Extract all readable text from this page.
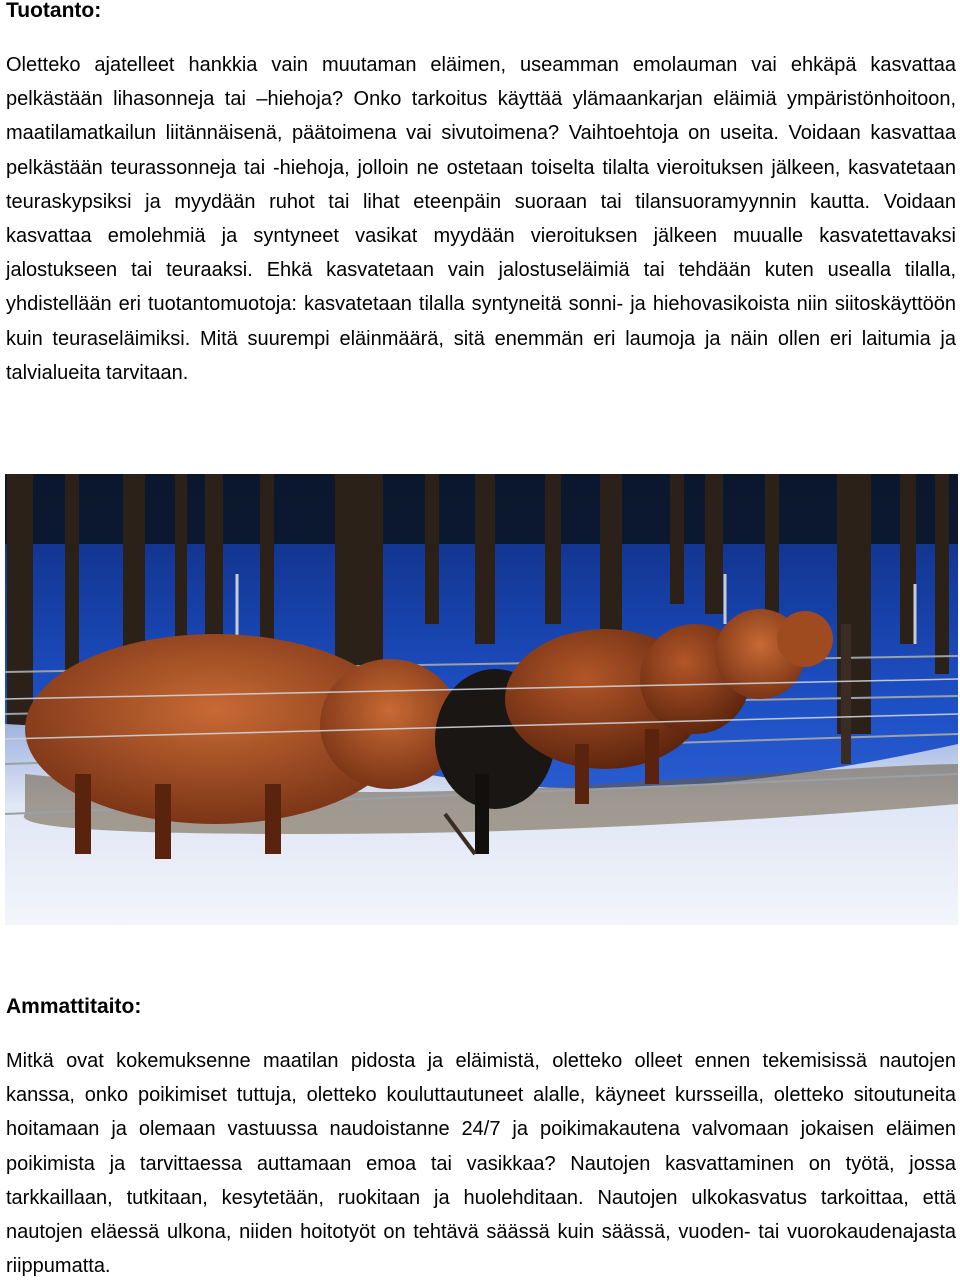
Tuotanto:

Oletteko ajatelleet hankkia vain muutaman eläimen, useamman emolauman vai ehkäpä kasvattaa pelkästään lihasonneja tai –hiehoja? Onko tarkoitus käyttää ylämaankarjan eläimiä ympäristönhoitoon, maatilamatkailun liitännäisenä, päätoimena vai sivutoimena? Vaihtoehtoja on useita. Voidaan kasvattaa pelkästään teurassonneja tai -hiehoja, jolloin ne ostetaan toiselta tilalta vieroituksen jälkeen, kasvatetaan teuraskypsiksi ja myydään ruhot tai lihat eteenpäin suoraan tai tilansuoramyynnin kautta. Voidaan kasvattaa emolehmiä ja syntyneet vasikat myydään vieroituksen jälkeen muualle kasvatettavaksi jalostukseen tai teuraaksi. Ehkä kasvatetaan vain jalostuseläimiä tai tehdään kuten usealla tilalla, yhdistellään eri tuotantomuotoja: kasvatetaan tilalla syntyneitä sonni- ja hiehovasikoista niin siitoskäyttöön kuin teuraseläimiksi. Mitä suurempi eläinmäärä, sitä enemmän eri laumoja ja näin ollen eri laitumia ja talvialueita tarvitaan.

Ammattitaito:

Mitkä ovat kokemuksenne maatilan pidosta ja eläimistä, oletteko olleet ennen tekemisissä nautojen kanssa, onko poikimiset tuttuja, oletteko kouluttautuneet alalle, käyneet kursseilla, oletteko sitoutuneita hoitamaan ja olemaan vastuussa naudoistanne 24/7 ja poikimakautena valvomaan jokaisen eläimen poikimista ja tarvittaessa auttamaan emoa tai vasikkaa? Nautojen kasvattaminen on työtä, jossa tarkkaillaan, tutkitaan, kesytetään, ruokitaan ja huolehditaan. Nautojen ulkokasvatus tarkoittaa, että nautojen eläessä ulkona, niiden hoitotyöt on tehtävä säässä kuin säässä, vuoden- tai vuorokaudenajasta riippumatta.
